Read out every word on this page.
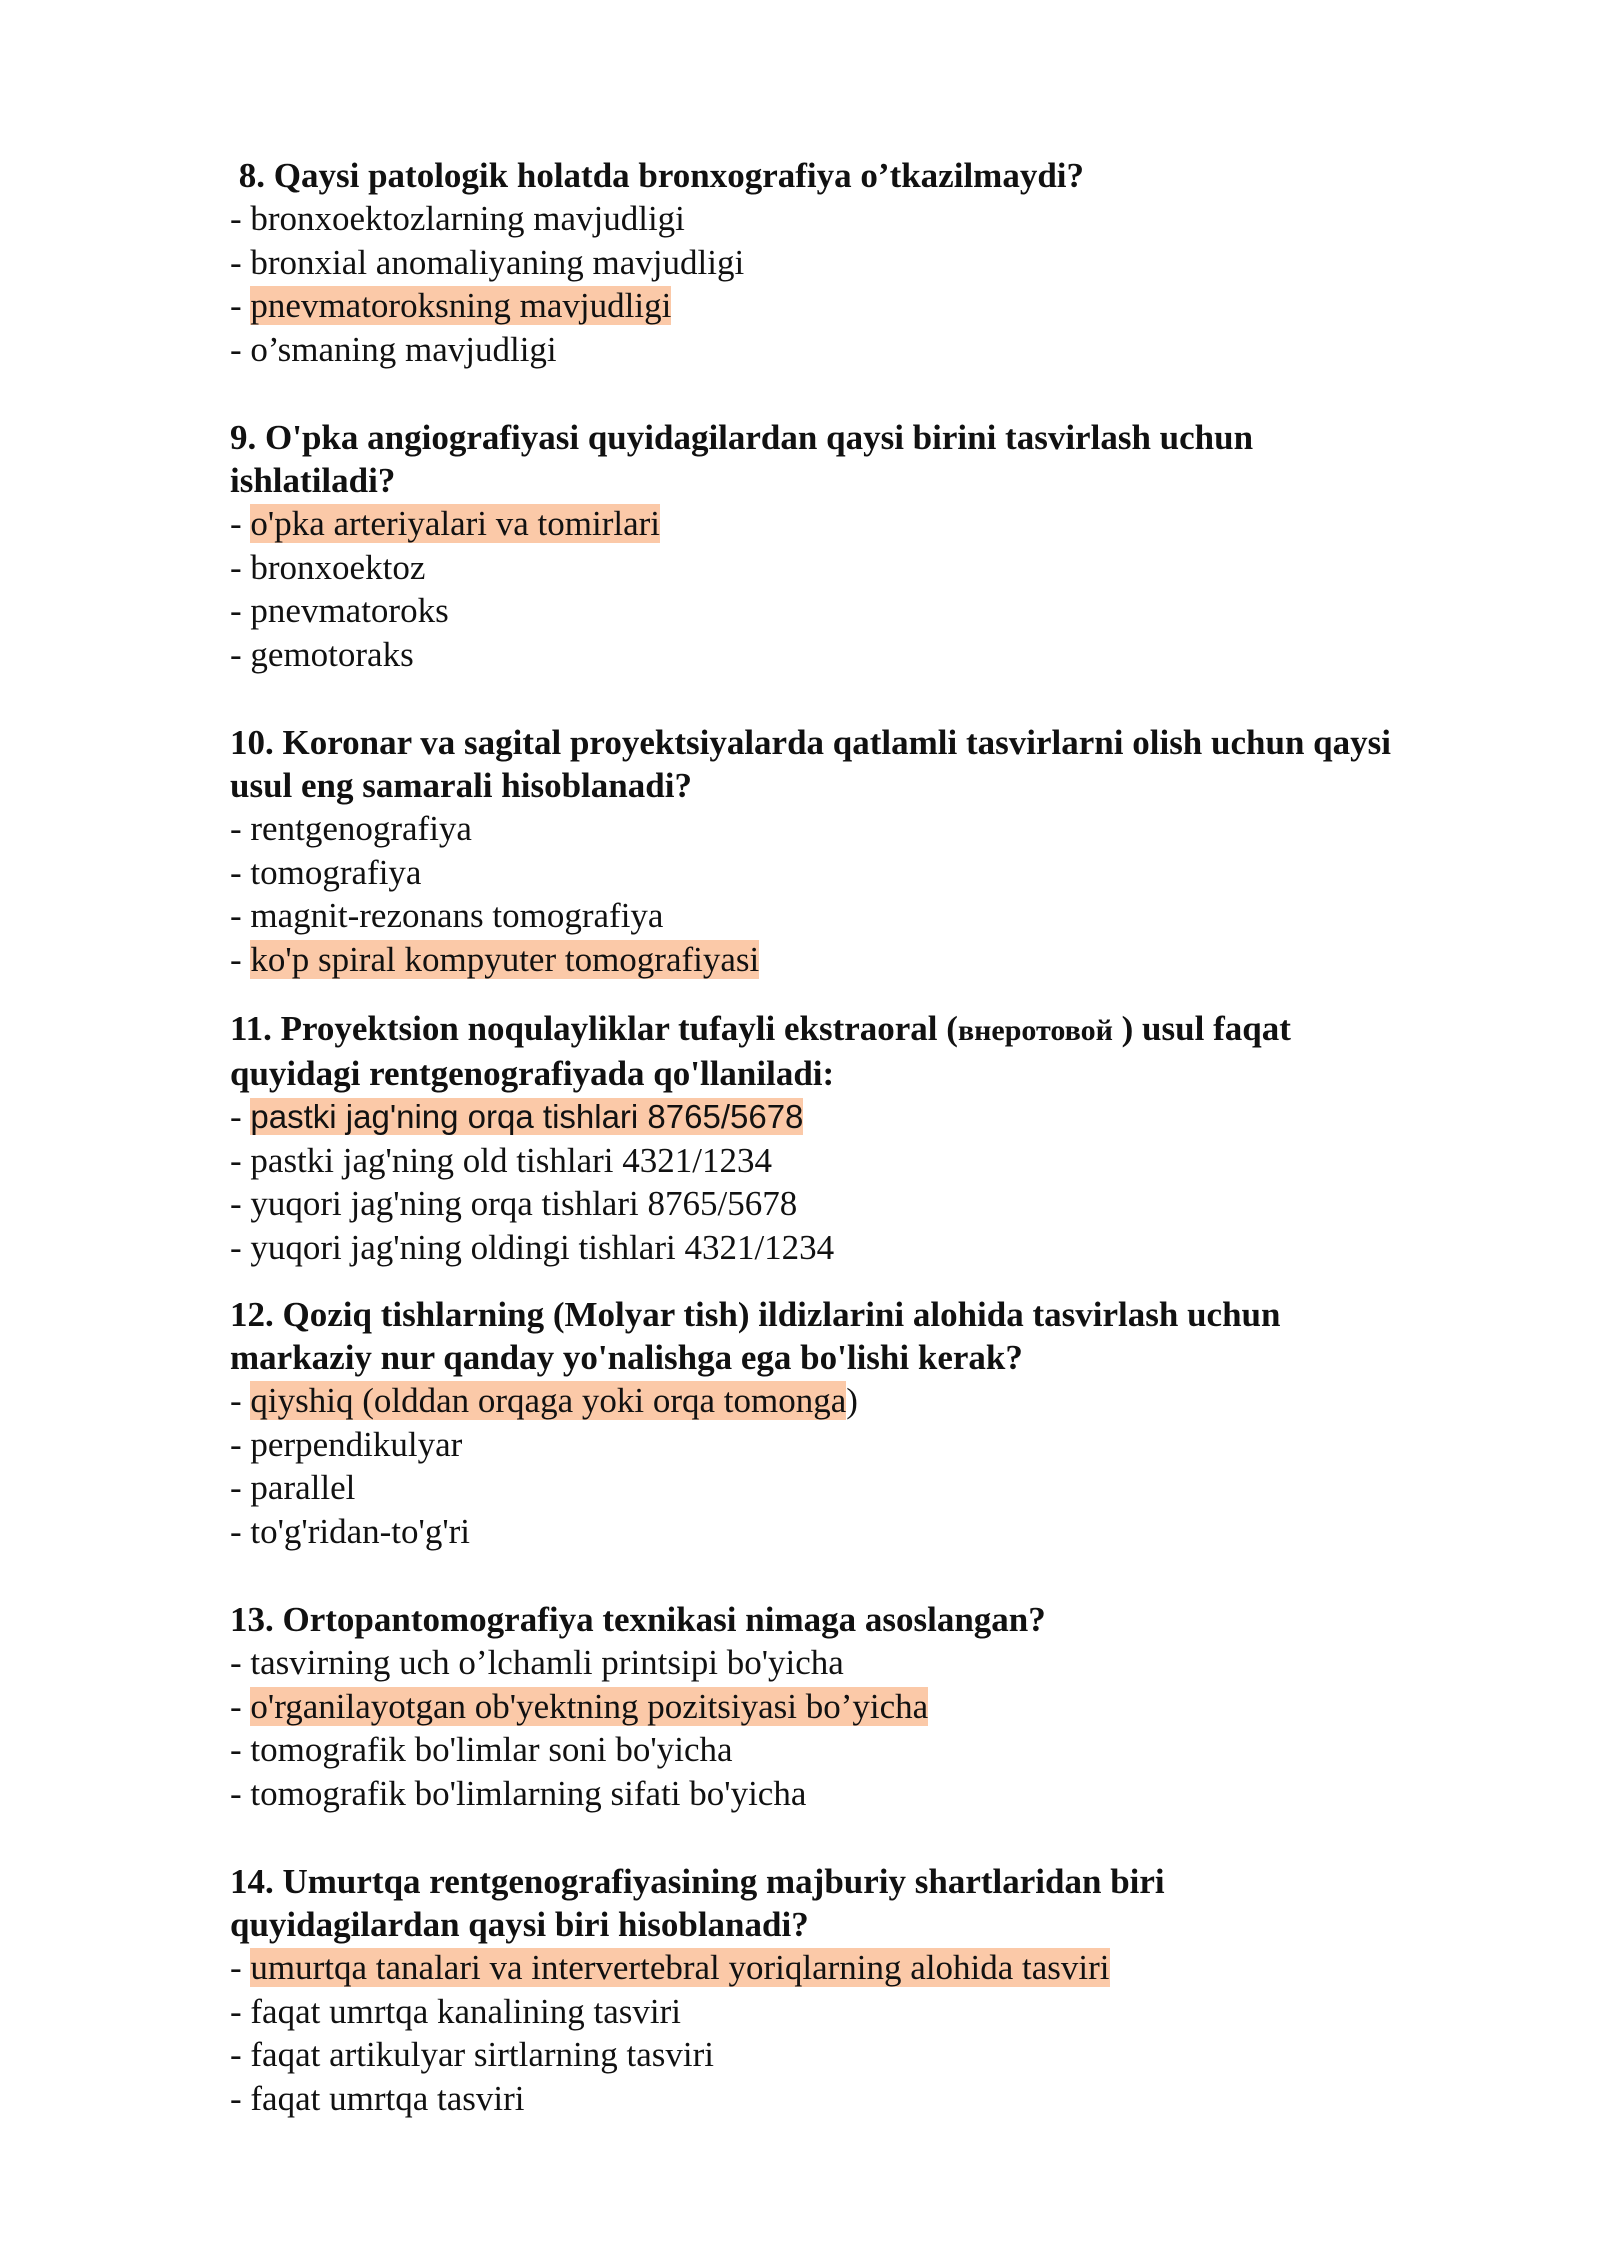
8. Qaysi patologik holatda bronxografiya o’tkazilmaydi?

- bronxoektozlarning mavjudligi

- bronxial anomaliyaning mavjudligi

- pnevmatoroksning mavjudligi

- o’smaning mavjudligi

9. O'pka angiografiyasi quyidagilardan qaysi birini tasvirlash uchun
ishlatiladi?

- o'pka arteriyalari va tomirlari

- bronxoektoz

- pnevmatoroks

- gemotoraks

10. Koronar va sagital proyektsiyalarda qatlamli tasvirlarni olish uchun qaysi
usul eng samarali hisoblanadi?

- rentgenografiya

- tomografiya

- magnit-rezonans tomografiya

- ko'p spiral kompyuter tomografiyasi

11. Proyektsion noqulayliklar tufayli ekstraoral (внеротовой ) usul faqat
quyidagi rentgenografiyada qo'llaniladi:

- pastki jag'ning orqa tishlari 8765/5678

- pastki jag'ning old tishlari 4321/1234

- yuqori jag'ning orqa tishlari 8765/5678

- yuqori jag'ning oldingi tishlari 4321/1234

12. Qoziq tishlarning (Molyar tish) ildizlarini alohida tasvirlash uchun
markaziy nur qanday yo'nalishga ega bo'lishi kerak?

- qiyshiq (olddan orqaga yoki orqa tomonga)

- perpendikulyar

- parallel

- to'g'ridan-to'g'ri

13. Ortopantomografiya texnikasi nimaga asoslangan?

- tasvirning uch o’lchamli printsipi bo'yicha

- o'rganilayotgan ob'yektning pozitsiyasi bo’yicha

- tomografik bo'limlar soni bo'yicha

- tomografik bo'limlarning sifati bo'yicha

14. Umurtqa rentgenografiyasining majburiy shartlaridan biri
quyidagilardan qaysi biri hisoblanadi?

- umurtqa tanalari va intervertebral yoriqlarning alohida tasviri

- faqat umrtqa kanalining tasviri

- faqat artikulyar sirtlarning tasviri

- faqat umrtqa tasviri
